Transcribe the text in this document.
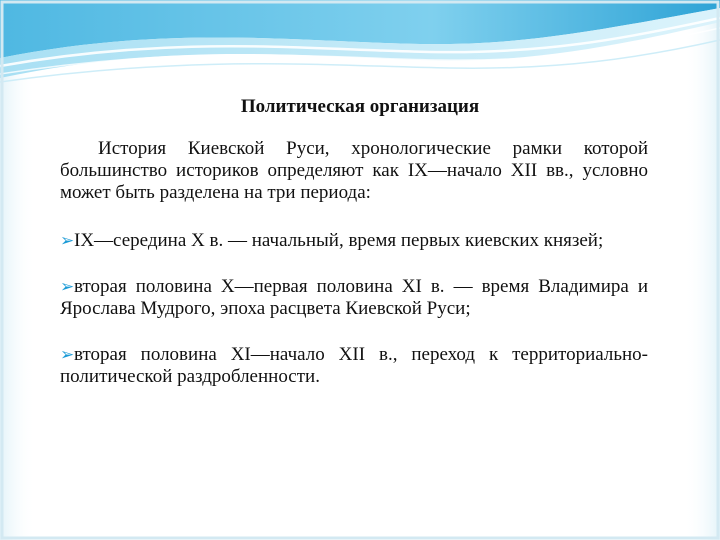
Политическая организация

История Киевской Руси, хронологические рамки которой большинство историков определяют как IX—начало XII вв., условно может быть разделена на три периода:

➢IX—середина X в. — начальный, время первых киевских князей;

➢вторая половина X—первая половина XI в. — время Владимира и Ярослава Мудрого, эпоха расцвета Киевской Руси;

➢вторая половина XI—начало XII в., переход к территориально-политической раздробленности.
